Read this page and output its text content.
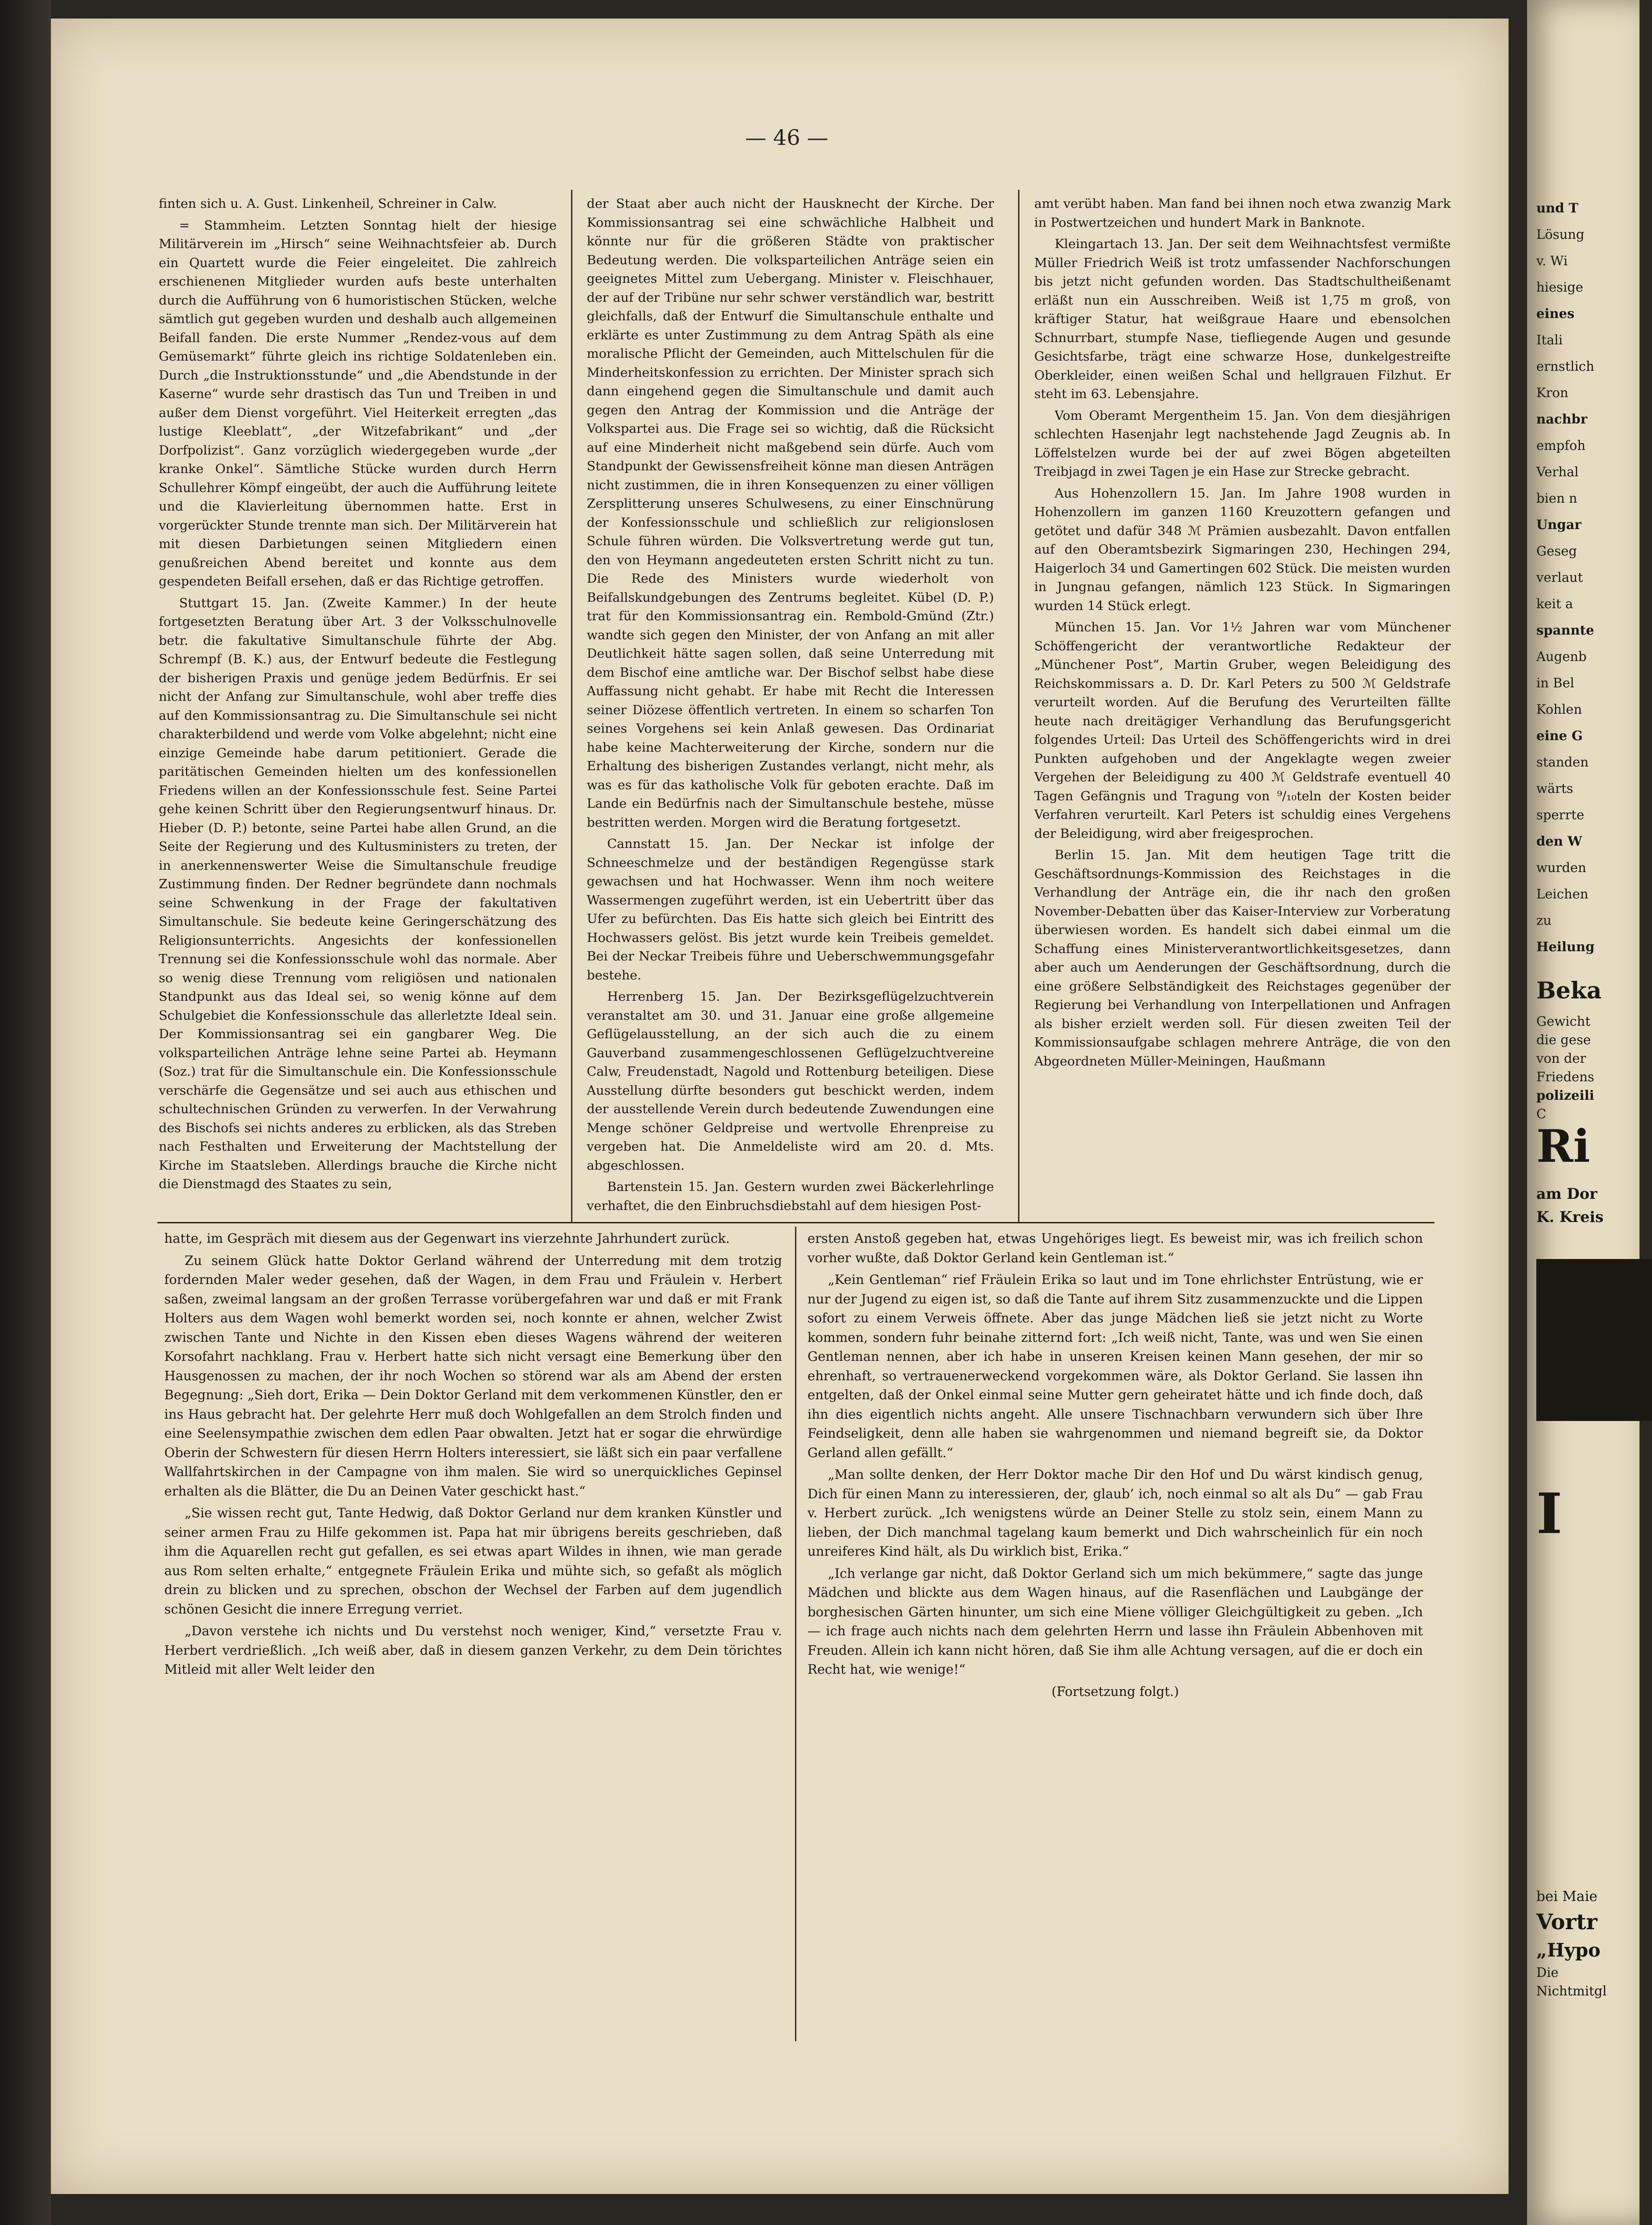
— 46 —

finten sich u. A. Gust. Linkenheil, Schreiner in Calw.

= Stammheim. Letzten Sonntag hielt der hiesige Militärverein im „Hirsch“ seine Weihnachtsfeier ab. Durch ein Quartett wurde die Feier eingeleitet. Die zahlreich erschienenen Mitglieder wurden aufs beste unterhalten durch die Aufführung von 6 humoristischen Stücken, welche sämtlich gut gegeben wurden und deshalb auch allgemeinen Beifall fanden. Die erste Nummer „Rendez-vous auf dem Gemüsemarkt“ führte gleich ins richtige Soldatenleben ein. Durch „die Instruktionsstunde“ und „die Abendstunde in der Kaserne“ wurde sehr drastisch das Tun und Treiben in und außer dem Dienst vorgeführt. Viel Heiterkeit erregten „das lustige Kleeblatt“, „der Witzefabrikant“ und „der Dorfpolizist“. Ganz vorzüglich wiedergegeben wurde „der kranke Onkel“. Sämtliche Stücke wurden durch Herrn Schullehrer Kömpf eingeübt, der auch die Aufführung leitete und die Klavierleitung übernommen hatte. Erst in vorgerückter Stunde trennte man sich. Der Militärverein hat mit diesen Darbietungen seinen Mitgliedern einen genußreichen Abend bereitet und konnte aus dem gespendeten Beifall ersehen, daß er das Richtige getroffen.

Stuttgart 15. Jan. (Zweite Kammer.) In der heute fortgesetzten Beratung über Art. 3 der Volksschulnovelle betr. die fakultative Simultanschule führte der Abg. Schrempf (B. K.) aus, der Entwurf bedeute die Festlegung der bisherigen Praxis und genüge jedem Bedürfnis. Er sei nicht der Anfang zur Simultanschule, wohl aber treffe dies auf den Kommissionsantrag zu. Die Simultanschule sei nicht charakterbildend und werde vom Volke abgelehnt; nicht eine einzige Gemeinde habe darum petitioniert. Gerade die paritätischen Gemeinden hielten um des konfessionellen Friedens willen an der Konfessionsschule fest. Seine Partei gehe keinen Schritt über den Regierungsentwurf hinaus. Dr. Hieber (D. P.) betonte, seine Partei habe allen Grund, an die Seite der Regierung und des Kultusministers zu treten, der in anerkennenswerter Weise die Simultanschule freudige Zustimmung finden. Der Redner begründete dann nochmals seine Schwenkung in der Frage der fakultativen Simultanschule. Sie bedeute keine Geringerschätzung des Religionsunterrichts. Angesichts der konfessionellen Trennung sei die Konfessionsschule wohl das normale. Aber so wenig diese Trennung vom religiösen und nationalen Standpunkt aus das Ideal sei, so wenig könne auf dem Schulgebiet die Konfessionsschule das allerletzte Ideal sein. Der Kommissionsantrag sei ein gangbarer Weg. Die volksparteilichen Anträge lehne seine Partei ab. Heymann (Soz.) trat für die Simultanschule ein. Die Konfessionsschule verschärfe die Gegensätze und sei auch aus ethischen und schultechnischen Gründen zu verwerfen. In der Verwahrung des Bischofs sei nichts anderes zu erblicken, als das Streben nach Festhalten und Erweiterung der Machtstellung der Kirche im Staatsleben. Allerdings brauche die Kirche nicht die Dienstmagd des Staates zu sein,

der Staat aber auch nicht der Hausknecht der Kirche. Der Kommissionsantrag sei eine schwächliche Halbheit und könnte nur für die größeren Städte von praktischer Bedeutung werden. Die volksparteilichen Anträge seien ein geeignetes Mittel zum Uebergang. Minister v. Fleischhauer, der auf der Tribüne nur sehr schwer verständlich war, bestritt gleichfalls, daß der Entwurf die Simultanschule enthalte und erklärte es unter Zustimmung zu dem Antrag Späth als eine moralische Pflicht der Gemeinden, auch Mittelschulen für die Minderheitskonfession zu errichten. Der Minister sprach sich dann eingehend gegen die Simultanschule und damit auch gegen den Antrag der Kommission und die Anträge der Volkspartei aus. Die Frage sei so wichtig, daß die Rücksicht auf eine Minderheit nicht maßgebend sein dürfe. Auch vom Standpunkt der Gewissensfreiheit könne man diesen Anträgen nicht zustimmen, die in ihren Konsequenzen zu einer völligen Zersplitterung unseres Schulwesens, zu einer Einschnürung der Konfessionsschule und schließlich zur religionslosen Schule führen würden. Die Volksvertretung werde gut tun, den von Heymann angedeuteten ersten Schritt nicht zu tun. Die Rede des Ministers wurde wiederholt von Beifallskundgebungen des Zentrums begleitet. Kübel (D. P.) trat für den Kommissionsantrag ein. Rembold-Gmünd (Ztr.) wandte sich gegen den Minister, der von Anfang an mit aller Deutlichkeit hätte sagen sollen, daß seine Unterredung mit dem Bischof eine amtliche war. Der Bischof selbst habe diese Auffassung nicht gehabt. Er habe mit Recht die Interessen seiner Diözese öffentlich vertreten. In einem so scharfen Ton seines Vorgehens sei kein Anlaß gewesen. Das Ordinariat habe keine Machterweiterung der Kirche, sondern nur die Erhaltung des bisherigen Zustandes verlangt, nicht mehr, als was es für das katholische Volk für geboten erachte. Daß im Lande ein Bedürfnis nach der Simultanschule bestehe, müsse bestritten werden. Morgen wird die Beratung fortgesetzt.

Cannstatt 15. Jan. Der Neckar ist infolge der Schneeschmelze und der beständigen Regengüsse stark gewachsen und hat Hochwasser. Wenn ihm noch weitere Wassermengen zugeführt werden, ist ein Uebertritt über das Ufer zu befürchten. Das Eis hatte sich gleich bei Eintritt des Hochwassers gelöst. Bis jetzt wurde kein Treibeis gemeldet. Bei der Neckar Treibeis führe und Ueberschwemmungsgefahr bestehe.

Herrenberg 15. Jan. Der Bezirksgeflügelzuchtverein veranstaltet am 30. und 31. Januar eine große allgemeine Geflügelausstellung, an der sich auch die zu einem Gauverband zusammengeschlossenen Geflügelzuchtvereine Calw, Freudenstadt, Nagold und Rottenburg beteiligen. Diese Ausstellung dürfte besonders gut beschickt werden, indem der ausstellende Verein durch bedeutende Zuwendungen eine Menge schöner Geldpreise und wertvolle Ehrenpreise zu vergeben hat. Die Anmeldeliste wird am 20. d. Mts. abgeschlossen.

Bartenstein 15. Jan. Gestern wurden zwei Bäckerlehrlinge verhaftet, die den Einbruchsdiebstahl auf dem hiesigen Post-

amt verübt haben. Man fand bei ihnen noch etwa zwanzig Mark in Postwertzeichen und hundert Mark in Banknote.

Kleingartach 13. Jan. Der seit dem Weihnachtsfest vermißte Müller Friedrich Weiß ist trotz umfassender Nachforschungen bis jetzt nicht gefunden worden. Das Stadtschultheißenamt erläßt nun ein Ausschreiben. Weiß ist 1,75 m groß, von kräftiger Statur, hat weißgraue Haare und ebensolchen Schnurrbart, stumpfe Nase, tiefliegende Augen und gesunde Gesichtsfarbe, trägt eine schwarze Hose, dunkelgestreifte Oberkleider, einen weißen Schal und hellgrauen Filzhut. Er steht im 63. Lebensjahre.

Vom Oberamt Mergentheim 15. Jan. Von dem diesjährigen schlechten Hasenjahr legt nachstehende Jagd Zeugnis ab. In Löffelstelzen wurde bei der auf zwei Bögen abgeteilten Treibjagd in zwei Tagen je ein Hase zur Strecke gebracht.

Aus Hohenzollern 15. Jan. Im Jahre 1908 wurden in Hohenzollern im ganzen 1160 Kreuzottern gefangen und getötet und dafür 348 ℳ Prämien ausbezahlt. Davon entfallen auf den Oberamtsbezirk Sigmaringen 230, Hechingen 294, Haigerloch 34 und Gamertingen 602 Stück. Die meisten wurden in Jungnau gefangen, nämlich 123 Stück. In Sigmaringen wurden 14 Stück erlegt.

München 15. Jan. Vor 1½ Jahren war vom Münchener Schöffengericht der verantwortliche Redakteur der „Münchener Post“, Martin Gruber, wegen Beleidigung des Reichskommissars a. D. Dr. Karl Peters zu 500 ℳ Geldstrafe verurteilt worden. Auf die Berufung des Verurteilten fällte heute nach dreitägiger Verhandlung das Berufungsgericht folgendes Urteil: Das Urteil des Schöffengerichts wird in drei Punkten aufgehoben und der Angeklagte wegen zweier Vergehen der Beleidigung zu 400 ℳ Geldstrafe eventuell 40 Tagen Gefängnis und Tragung von ⁹/₁₀teln der Kosten beider Verfahren verurteilt. Karl Peters ist schuldig eines Vergehens der Beleidigung, wird aber freigesprochen.

Berlin 15. Jan. Mit dem heutigen Tage tritt die Geschäftsordnungs-Kommission des Reichstages in die Verhandlung der Anträge ein, die ihr nach den großen November-Debatten über das Kaiser-Interview zur Vorberatung überwiesen worden. Es handelt sich dabei einmal um die Schaffung eines Ministerverantwortlichkeitsgesetzes, dann aber auch um Aenderungen der Geschäftsordnung, durch die eine größere Selbständigkeit des Reichstages gegenüber der Regierung bei Verhandlung von Interpellationen und Anfragen als bisher erzielt werden soll. Für diesen zweiten Teil der Kommissionsaufgabe schlagen mehrere Anträge, die von den Abgeordneten Müller-Meiningen, Haußmann

hatte, im Gespräch mit diesem aus der Gegenwart ins vierzehnte Jahrhundert zurück.

Zu seinem Glück hatte Doktor Gerland während der Unterredung mit dem trotzig fordernden Maler weder gesehen, daß der Wagen, in dem Frau und Fräulein v. Herbert saßen, zweimal langsam an der großen Terrasse vorübergefahren war und daß er mit Frank Holters aus dem Wagen wohl bemerkt worden sei, noch konnte er ahnen, welcher Zwist zwischen Tante und Nichte in den Kissen eben dieses Wagens während der weiteren Korsofahrt nachklang. Frau v. Herbert hatte sich nicht versagt eine Bemerkung über den Hausgenossen zu machen, der ihr noch Wochen so störend war als am Abend der ersten Begegnung: „Sieh dort, Erika — Dein Doktor Gerland mit dem verkommenen Künstler, den er ins Haus gebracht hat. Der gelehrte Herr muß doch Wohlgefallen an dem Strolch finden und eine Seelensympathie zwischen dem edlen Paar obwalten. Jetzt hat er sogar die ehrwürdige Oberin der Schwestern für diesen Herrn Holters interessiert, sie läßt sich ein paar verfallene Wallfahrtskirchen in der Campagne von ihm malen. Sie wird so unerquickliches Gepinsel erhalten als die Blätter, die Du an Deinen Vater geschickt hast.“

„Sie wissen recht gut, Tante Hedwig, daß Doktor Gerland nur dem kranken Künstler und seiner armen Frau zu Hilfe gekommen ist. Papa hat mir übrigens bereits geschrieben, daß ihm die Aquarellen recht gut gefallen, es sei etwas apart Wildes in ihnen, wie man gerade aus Rom selten erhalte,“ entgegnete Fräulein Erika und mühte sich, so gefaßt als möglich drein zu blicken und zu sprechen, obschon der Wechsel der Farben auf dem jugendlich schönen Gesicht die innere Erregung verriet.

„Davon verstehe ich nichts und Du verstehst noch weniger, Kind,“ versetzte Frau v. Herbert verdrießlich. „Ich weiß aber, daß in diesem ganzen Verkehr, zu dem Dein törichtes Mitleid mit aller Welt leider den

ersten Anstoß gegeben hat, etwas Ungehöriges liegt. Es beweist mir, was ich freilich schon vorher wußte, daß Doktor Gerland kein Gentleman ist.“

„Kein Gentleman“ rief Fräulein Erika so laut und im Tone ehrlichster Entrüstung, wie er nur der Jugend zu eigen ist, so daß die Tante auf ihrem Sitz zusammenzuckte und die Lippen sofort zu einem Verweis öffnete. Aber das junge Mädchen ließ sie jetzt nicht zu Worte kommen, sondern fuhr beinahe zitternd fort: „Ich weiß nicht, Tante, was und wen Sie einen Gentleman nennen, aber ich habe in unseren Kreisen keinen Mann gesehen, der mir so ehrenhaft, so vertrauenerweckend vorgekommen wäre, als Doktor Gerland. Sie lassen ihn entgelten, daß der Onkel einmal seine Mutter gern geheiratet hätte und ich finde doch, daß ihn dies eigentlich nichts angeht. Alle unsere Tischnachbarn verwundern sich über Ihre Feindseligkeit, denn alle haben sie wahrgenommen und niemand begreift sie, da Doktor Gerland allen gefällt.“

„Man sollte denken, der Herr Doktor mache Dir den Hof und Du wärst kindisch genug, Dich für einen Mann zu interessieren, der, glaub’ ich, noch einmal so alt als Du“ — gab Frau v. Herbert zurück. „Ich wenigstens würde an Deiner Stelle zu stolz sein, einem Mann zu lieben, der Dich manchmal tagelang kaum bemerkt und Dich wahrscheinlich für ein noch unreiferes Kind hält, als Du wirklich bist, Erika.“

„Ich verlange gar nicht, daß Doktor Gerland sich um mich bekümmere,“ sagte das junge Mädchen und blickte aus dem Wagen hinaus, auf die Rasenflächen und Laubgänge der borghesischen Gärten hinunter, um sich eine Miene völliger Gleichgültigkeit zu geben. „Ich — ich frage auch nichts nach dem gelehrten Herrn und lasse ihn Fräulein Abbenhoven mit Freuden. Allein ich kann nicht hören, daß Sie ihm alle Achtung versagen, auf die er doch ein Recht hat, wie wenige!“

(Fortsetzung folgt.)

und T
Lösung
v. Wi
hiesige
eines
Itali
ernstlich
Kron
nachbr
empfoh
Verhal
bien n
Ungar
Geseg
verlaut
keit a
spannte
Augenb
in Bel
Kohlen
eine G
standen
wärts
sperrte
den W
wurden
Leichen
zu
Heilung
Beka
Gewicht
die gese
von der
Friedens
polizeili
C
Ri
am Dor
K. Kreis
I
bei Maie
Vortr
„Hypo
Die
Nichtmitgl
